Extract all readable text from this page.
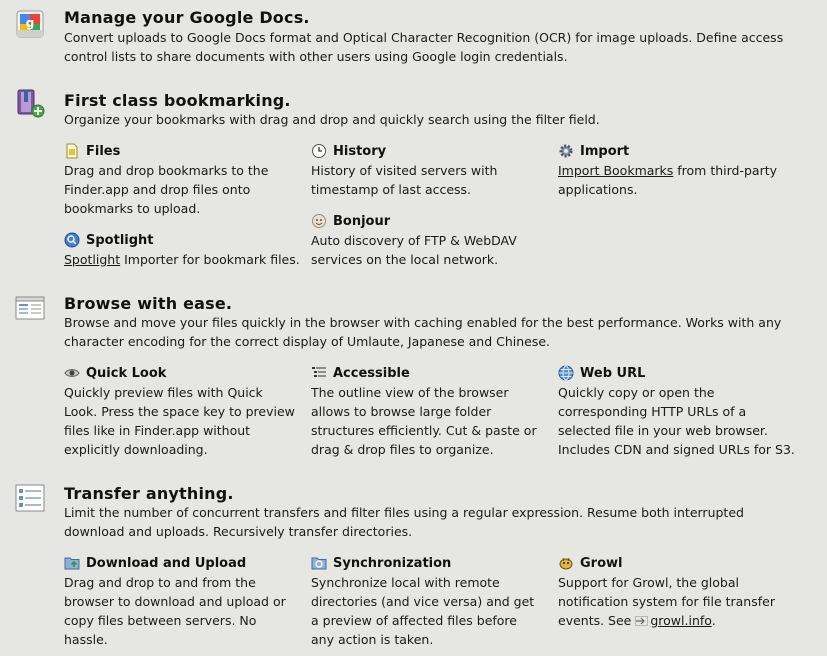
g Manage your Google Docs.

Convert uploads to Google Docs format and Optical Character Recognition (OCR) for image uploads. Define access control lists to share documents with other users using Google login credentials.

First class bookmarking.

Organize your bookmarks with drag and drop and quickly search using the filter field.

Files
Drag and drop bookmarks to the Finder.app and drop files onto bookmarks to upload.
History
History of visited servers with timestamp of last access.
Import
Import Bookmarks from third-party applications.
Bonjour
Auto discovery of FTP & WebDAV services on the local network.
Spotlight
Spotlight Importer for bookmark files.
Browse with ease.

Browse and move your files quickly in the browser with caching enabled for the best performance. Works with any character encoding for the correct display of Umlaute, Japanese and Chinese.

Quick Look
Quickly preview files with Quick Look. Press the space key to preview files like in Finder.app without explicitly downloading.
Accessible
The outline view of the browser allows to browse large folder structures efficiently. Cut & paste or drag & drop files to organize.
Web URL
Quickly copy or open the corresponding HTTP URLs of a selected file in your web browser. Includes CDN and signed URLs for S3.
Transfer anything.

Limit the number of concurrent transfers and filter files using a regular expression. Resume both interrupted download and uploads. Recursively transfer directories.

Download and Upload
Drag and drop to and from the browser to download and upload or copy files between servers. No hassle.
Synchronization
Synchronize local with remote directories (and vice versa) and get a preview of affected files before any action is taken.
Growl
Support for Growl, the global notification system for file transfer events. See growl.info.
